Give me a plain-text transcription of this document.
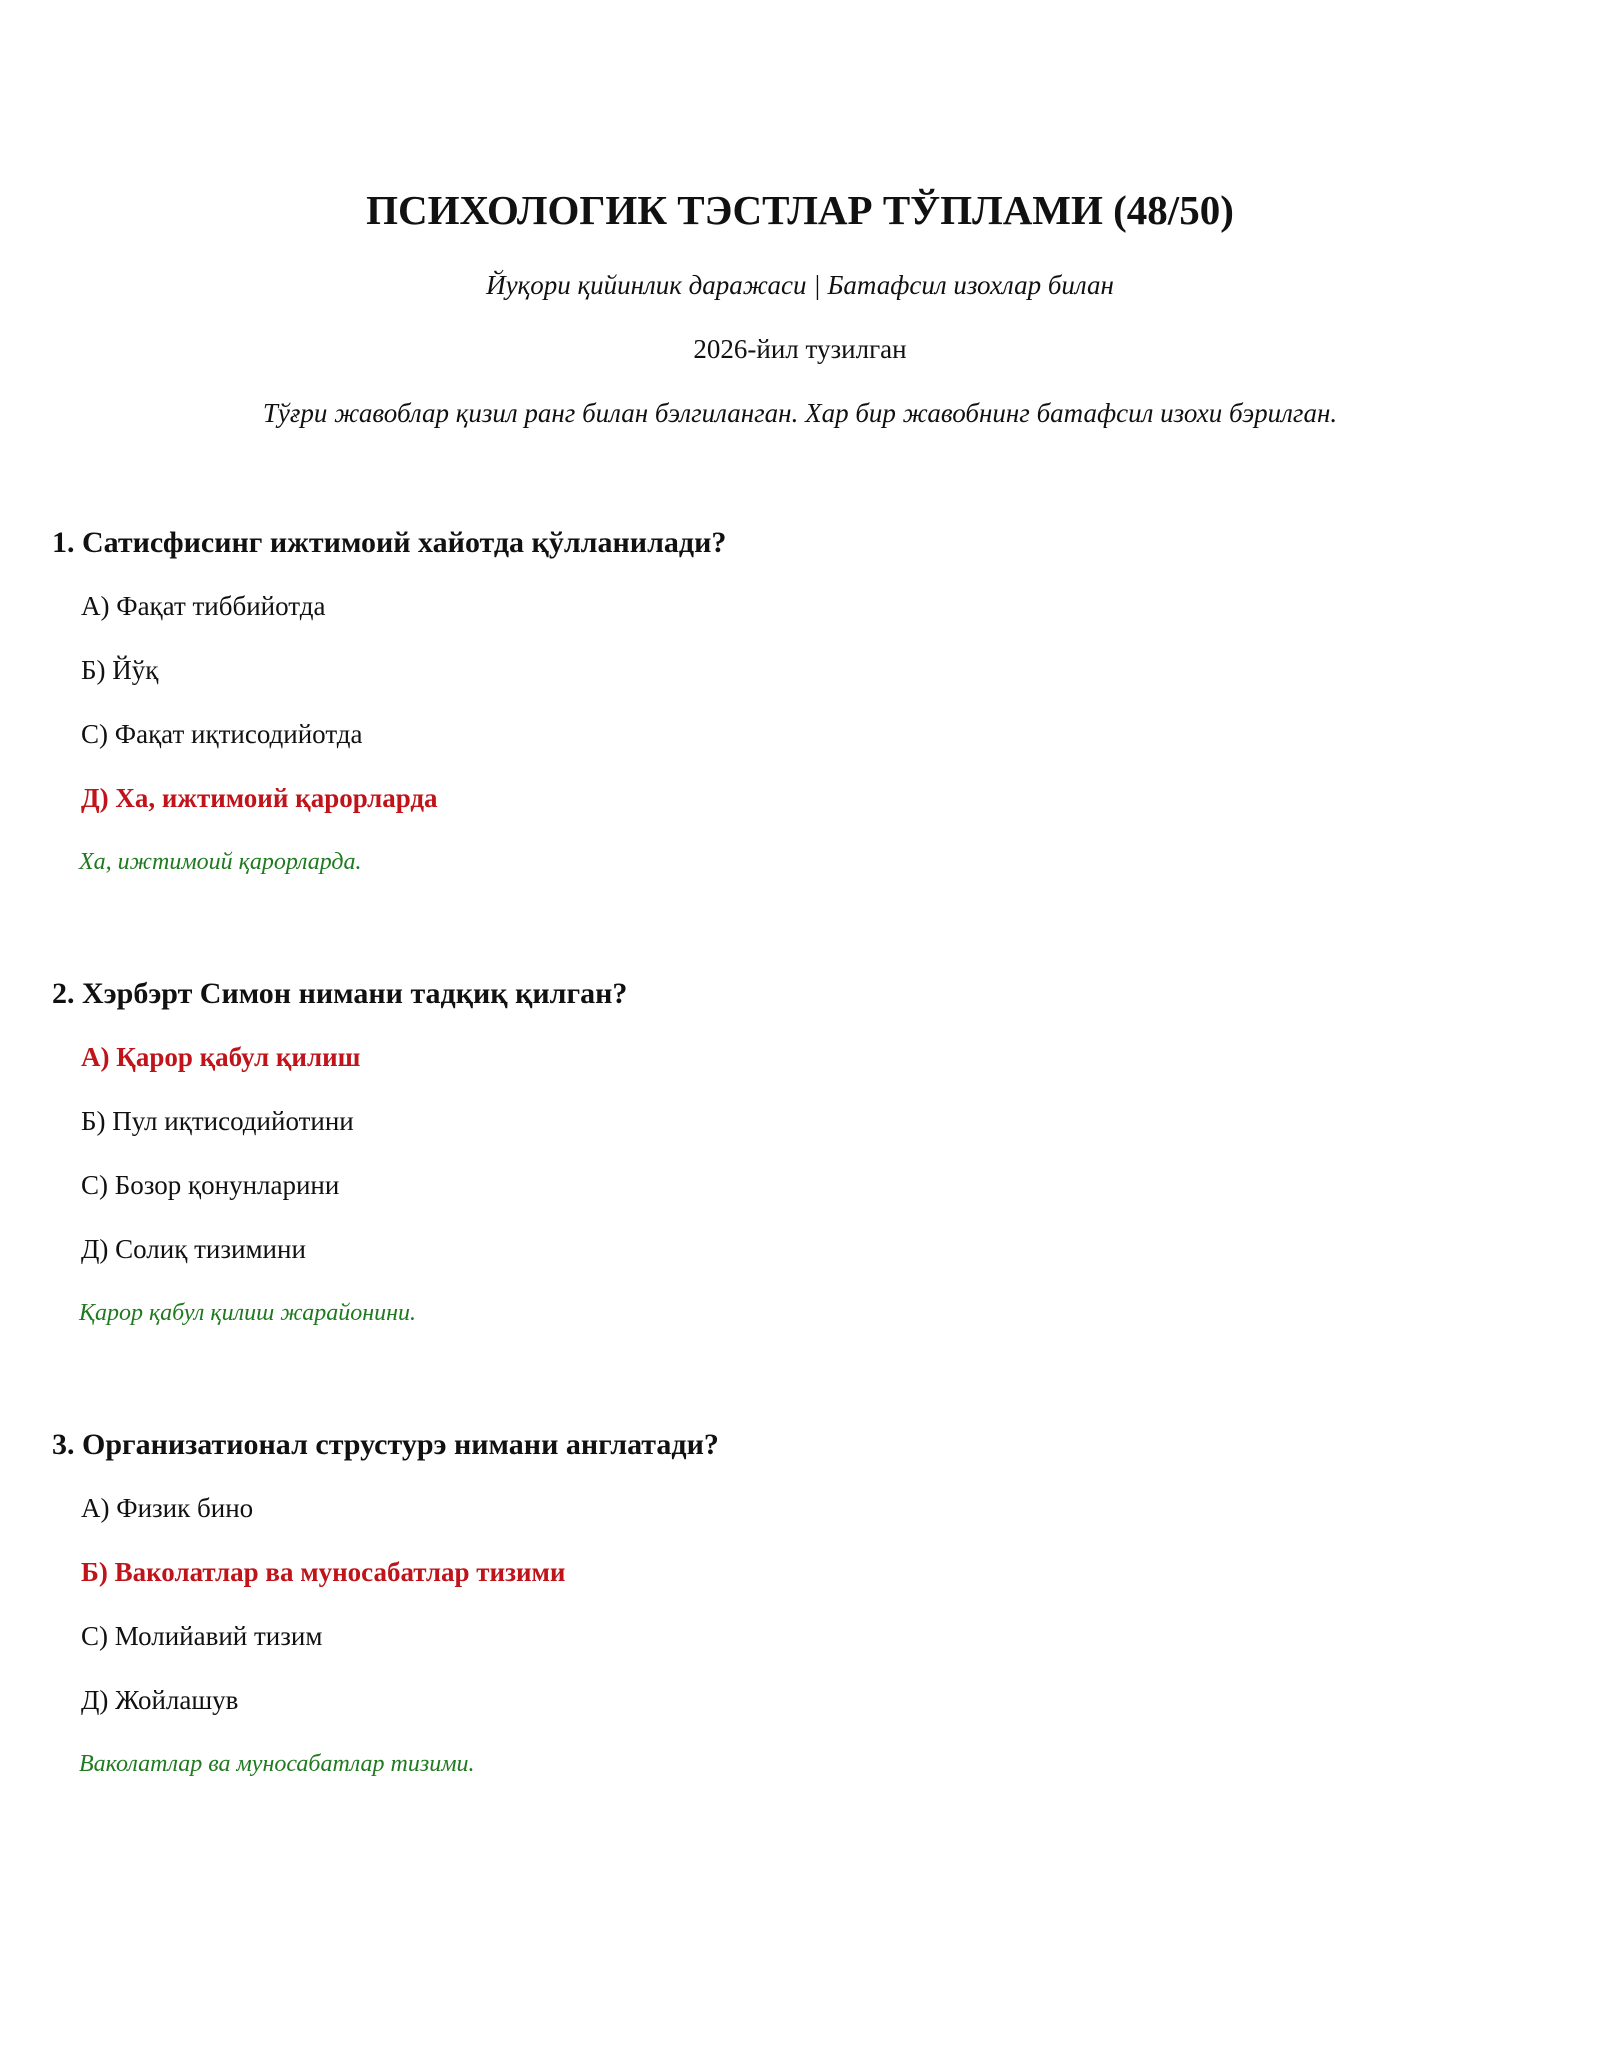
ПСИХОЛОГИК ТЭСТЛАР ТЎПЛАМИ (48/50)
Йуқори қийинлик даражаси | Батафсил изохлар билан
2026-йил тузилган
Тўғри жавоблар қизил ранг билан бэлгиланган. Хар бир жавобнинг батафсил изохи бэрилган.
1. Сатисфисинг ижтимоий хайотда қўлланилади?
А) Фақат тиббийотда
Б) Йўқ
С) Фақат иқтисодийотда
Д) Ха, ижтимоий қарорларда
Ха, ижтимоий қарорларда.
2. Хэрбэрт Симон нимани тадқиқ қилган?
А) Қарор қабул қилиш
Б) Пул иқтисодийотини
С) Бозор қонунларини
Д) Солиқ тизимини
Қарор қабул қилиш жарайонини.
3. Организатионал струстурэ нимани англатади?
А) Физик бино
Б) Ваколатлар ва муносабатлар тизими
С) Молийавий тизим
Д) Жойлашув
Ваколатлар ва муносабатлар тизими.
